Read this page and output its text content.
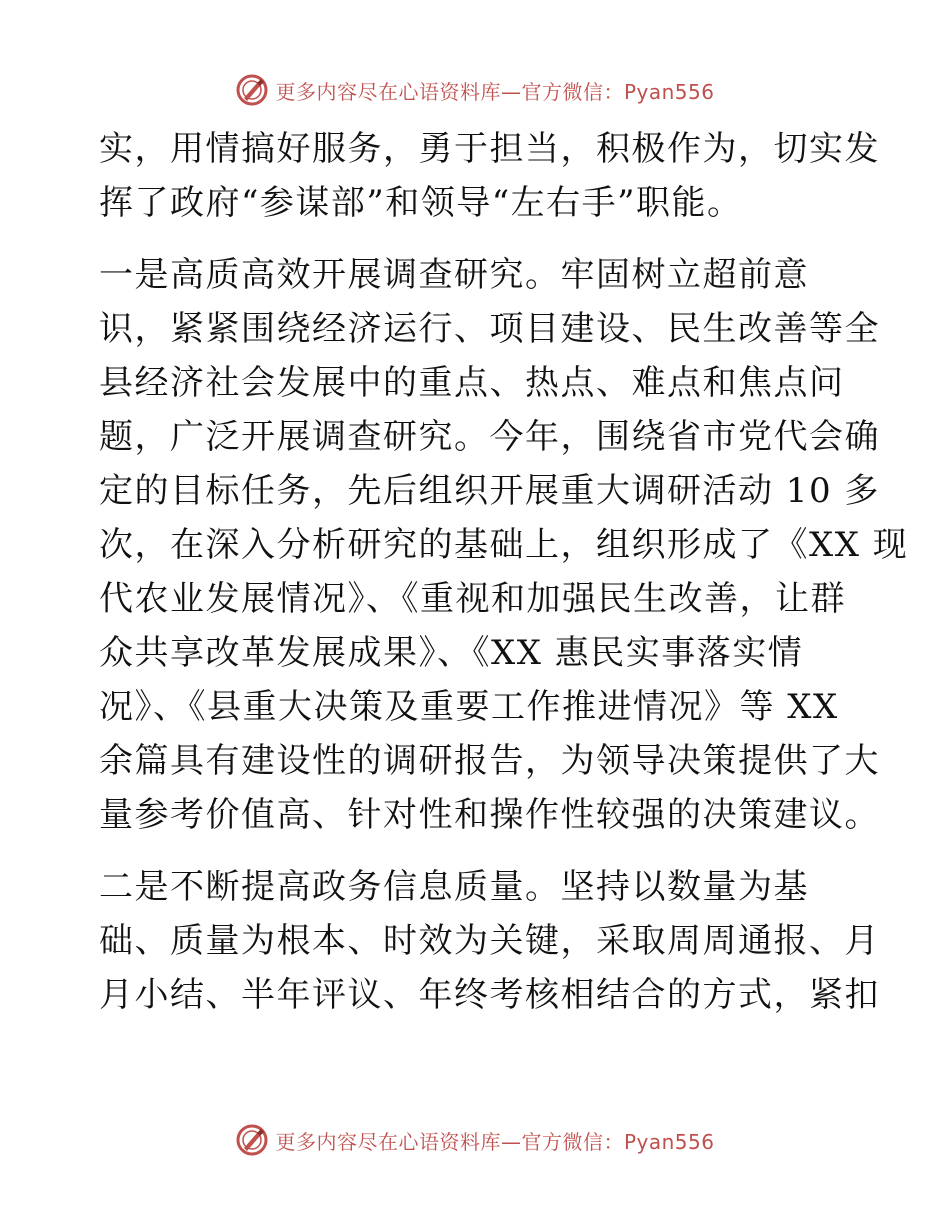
更多内容尽在心语资料库—官方微信：Pyan556
实，用情搞好服务，勇于担当，积极作为，切实发
挥了政府“参谋部”和领导“左右手”职能。
一是高质高效开展调查研究。牢固树立超前意
识，紧紧围绕经济运行、项目建设、民生改善等全
县经济社会发展中的重点、热点、难点和焦点问
题，广泛开展调查研究。今年，围绕省市党代会确
定的目标任务，先后组织开展重大调研活动 10 多
次，在深入分析研究的基础上，组织形成了《XX 现
代农业发展情况》、《重视和加强民生改善，让群
众共享改革发展成果》、《XX 惠民实事落实情
况》、《县重大决策及重要工作推进情况》等 XX
余篇具有建设性的调研报告，为领导决策提供了大
量参考价值高、针对性和操作性较强的决策建议。
二是不断提高政务信息质量。坚持以数量为基
础、质量为根本、时效为关键，采取周周通报、月
月小结、半年评议、年终考核相结合的方式，紧扣
更多内容尽在心语资料库—官方微信：Pyan556
